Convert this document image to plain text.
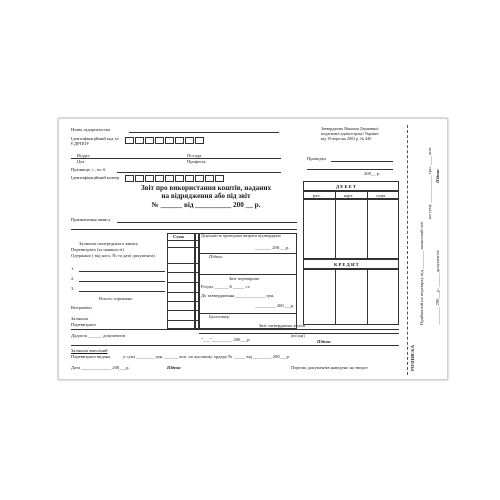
Назва підприємства
Ідентифікаційний код за ЄДРПОУ
Затверджено Наказом Державної
податкової адміністрації України
від 19 вересня 2003 р. № 440
Відділ	Посада
Цех	Професія
Прізвище, і., по б.
Ідентифікаційний номер
Проводка
200__ р.
Звіт про використання коштів, наданих
на відрядження або під звіт
№ ______ від __________ 200 __ р.
Призначення авансу
Д Е Б Е Т
рах.	карт.	сума
К Р Е Д И Т
Сума
Залишок попереднього авансу
Перевитрата (за наявності)
Одержано ( від кого, № та дата документа)
1.
2.
3.
Всього отримано
Витрачено
Залишок
Перевитрата
Доцільність проведеної витрати підтверджую
_______ 200___р.
Підпис
Звіт перевірено
Розділ ______ $ _____ ст.
До затвердження _____________ грн.
_________ 200___р.
Бухгалтер
Додаток ______ документів
Звіт затверджено в сумі
"___"_________ 200___р.
(посада)
Підпис
Залишок внесений
Перевитрата видана	у сумі ________ грн. ______ коп. по касовому ордеру № _____ від ________ 200___р.
Дата _____________ 200___р.	Підпис	Перелік документів наведено на зворот	РОЗПИСКА
Прийнятий на перевірку від ________ авансовий звіт
на суму ____________ грн. ____ коп.
________ 200___р. ______ документів
Підпис
